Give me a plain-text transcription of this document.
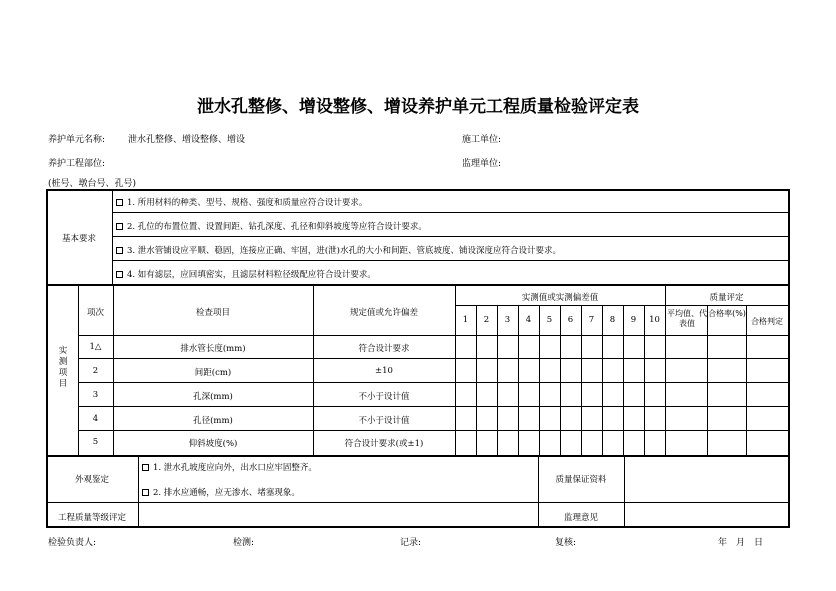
泄水孔整修、增设整修、增设养护单元工程质量检验评定表
养护单元名称:	泄水孔整修、增设整修、增设	施工单位:
养护工程部位:	监理单位:
(桩号、墩台号、孔号)
基本要求
1. 所用材料的种类、型号、规格、强度和质量应符合设计要求。
2. 孔位的布置位置、设置间距、钻孔深度、孔径和仰斜坡度等应符合设计要求。
3. 泄水管铺设应平顺、稳固，连接应正确、牢固，进(泄)水孔的大小和间距、管底坡度、铺设深度应符合设计要求。
4. 如有滤层，应回填密实，且滤层材料粒径级配应符合设计要求。
实测项目
项次	检查项目	规定值或允许偏差
实测值或实测偏差值	质量评定
1	2	3	4	5	6	7	8	9	10
平均值、代表值
合格率(%)
合格判定
1△	排水管长度(mm)	符合设计要求
2	间距(cm)	±10
3	孔深(mm)	不小于设计值
4	孔径(mm)	不小于设计值
5	仰斜坡度(%)	符合设计要求(或±1)
外观鉴定
1. 泄水孔坡度应向外，出水口应牢固整齐。
2. 排水应通畅，应无渗水、堵塞现象。
质量保证资料
工程质量等级评定	监理意见
检验负责人:	检测:	记录:	复核:	年　月　日
